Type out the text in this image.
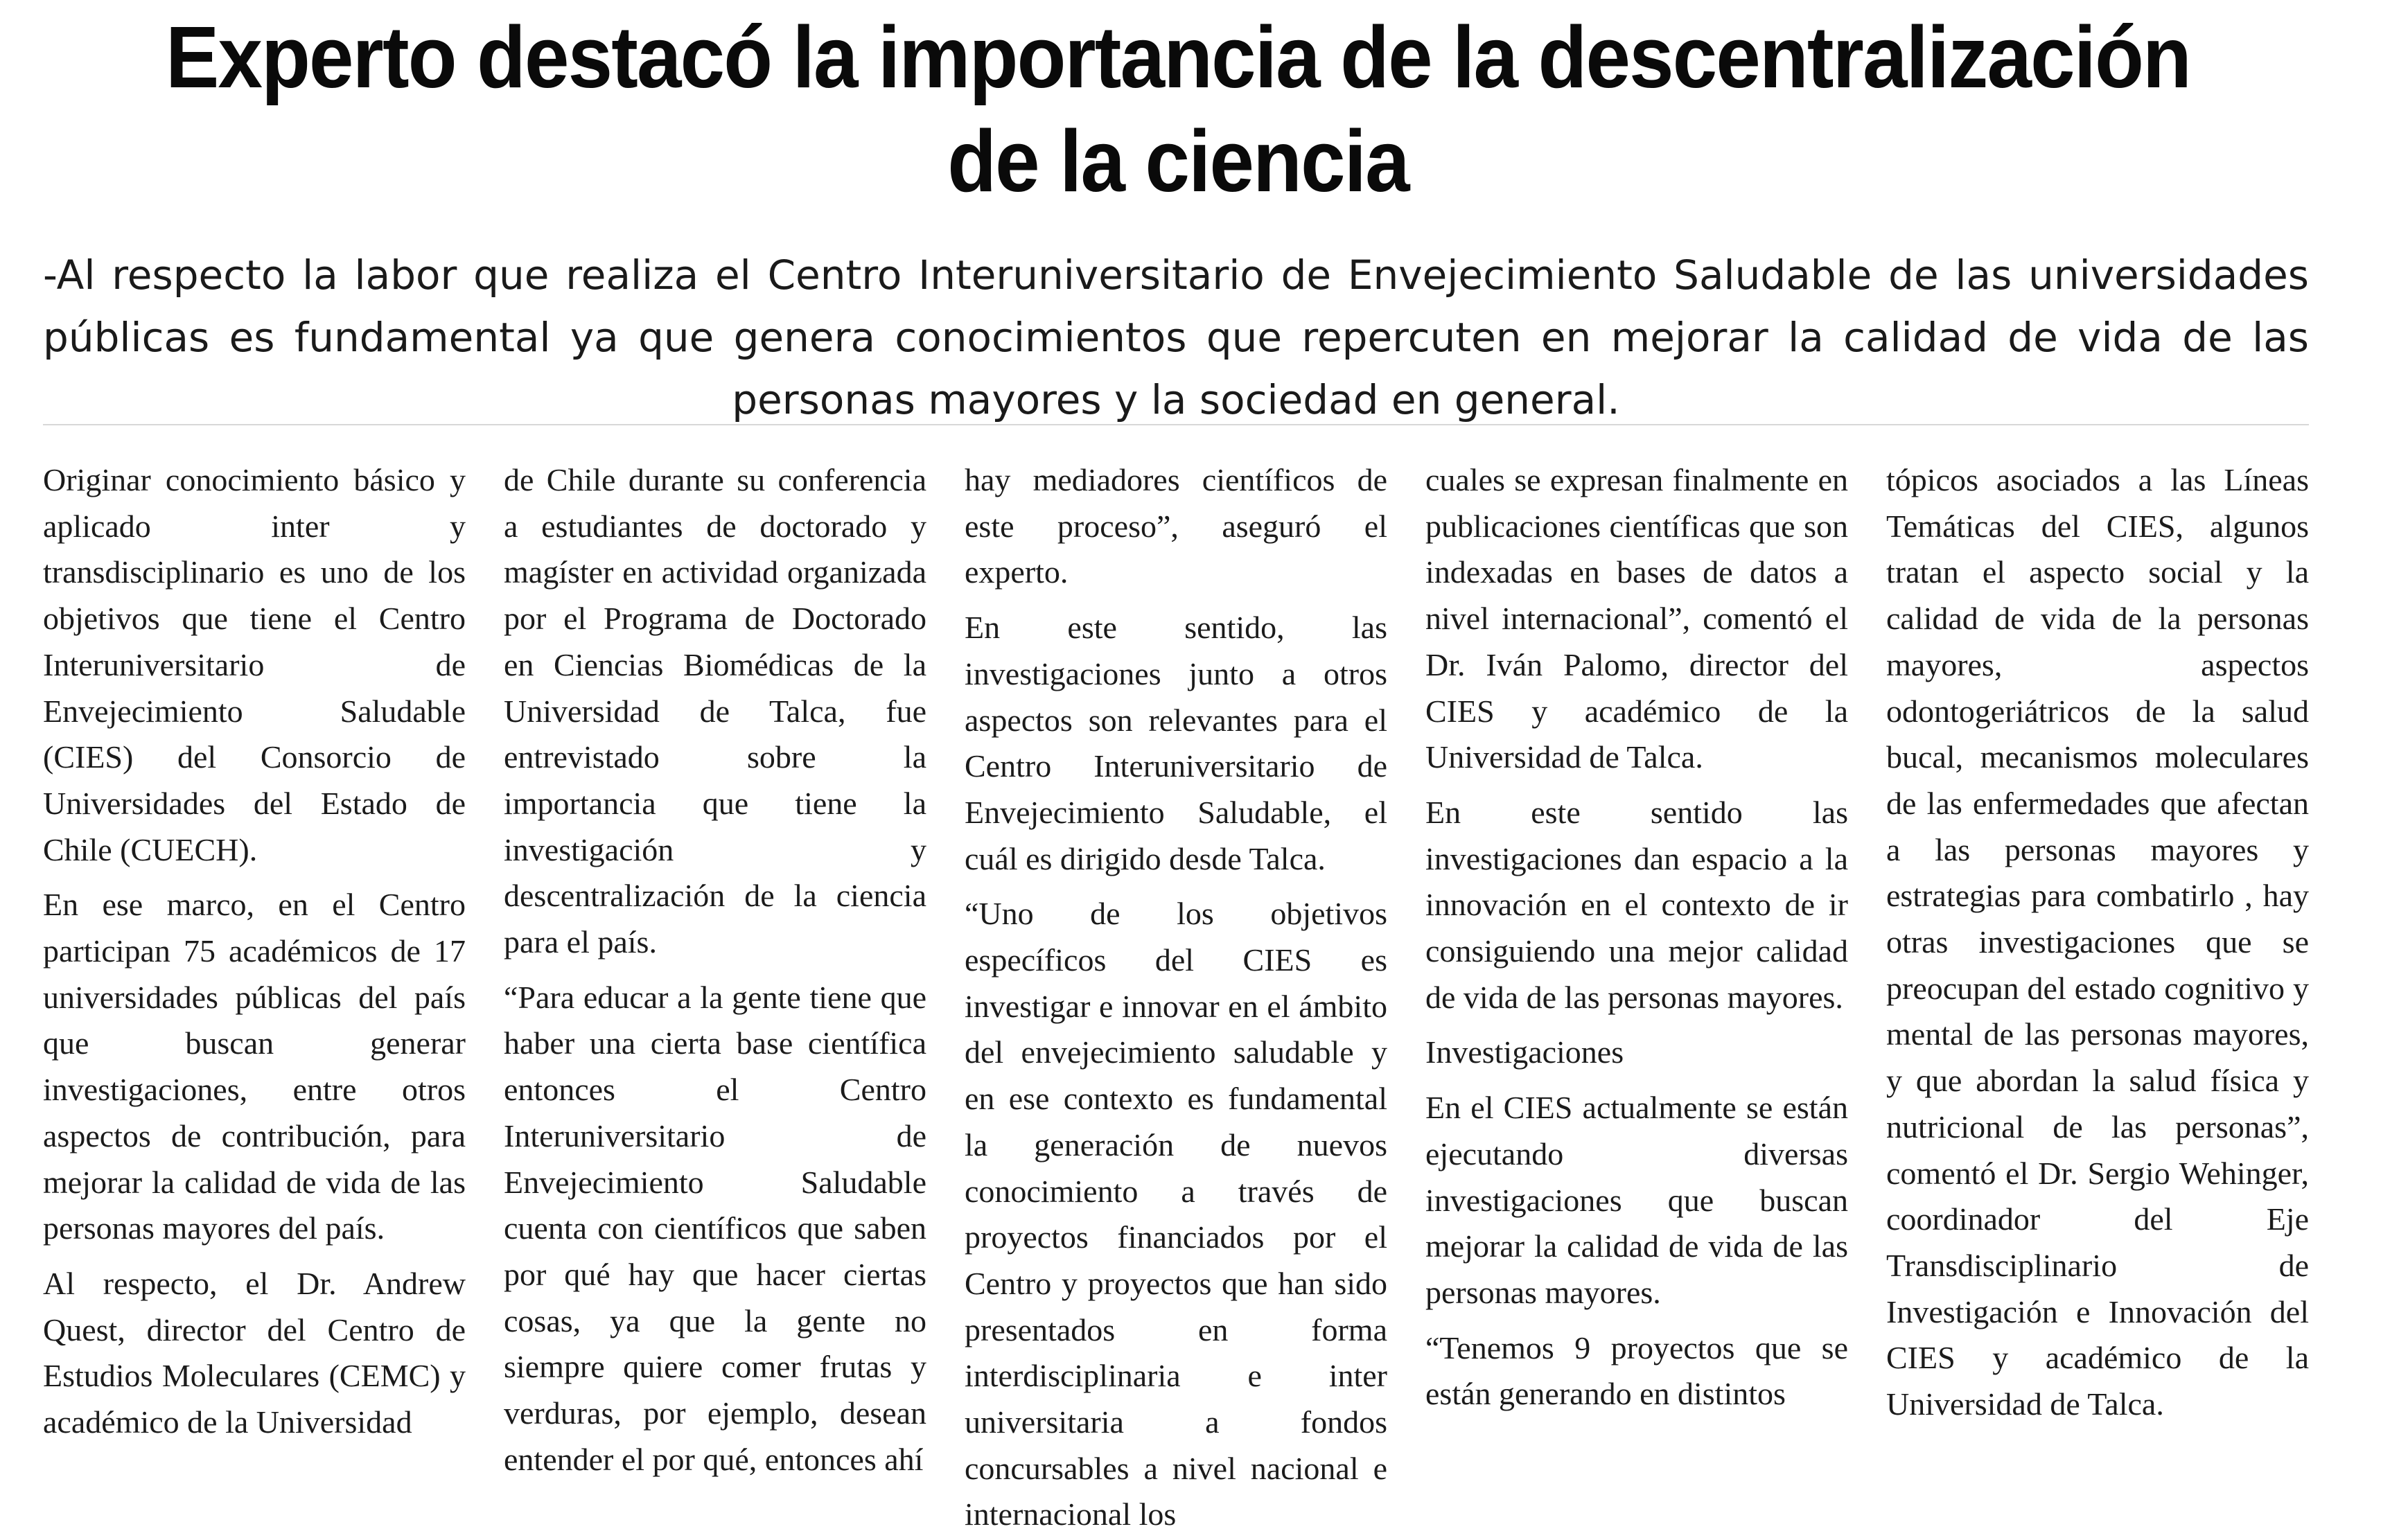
Experto destacó la importancia de la descentralización de la ciencia

-Al respecto la labor que realiza el Centro Interuniversitario de Envejecimiento Saludable de las universidades públicas es fundamental ya que genera conocimientos que repercuten en mejorar la calidad de vida de las personas mayores y la sociedad en general.

Originar conocimiento básico y aplicado inter y transdisciplinario es uno de los objetivos que tiene el Centro Interuniversitario de Envejecimiento Saludable (CIES) del Consorcio de Universidades del Estado de Chile (CUECH).

En ese marco, en el Centro participan 75 académicos de 17 universidades públicas del país que buscan generar investigaciones, entre otros aspectos de contribución, para mejorar la calidad de vida de las personas mayores del país.

Al respecto, el Dr. Andrew Quest, director del Centro de Estudios Moleculares (CEMC) y académico de la Universidad

de Chile durante su conferencia a estudiantes de doctorado y magíster en actividad organizada por el Programa de Doctorado en Ciencias Biomédicas de la Universidad de Talca, fue entrevistado sobre la importancia que tiene la investigación y descentralización de la ciencia para el país.

“Para educar a la gente tiene que haber una cierta base científica entonces el Centro Interuniversitario de Envejecimiento Saludable cuenta con científicos que saben por qué hay que hacer ciertas cosas, ya que la gente no siempre quiere comer frutas y verduras, por ejemplo, desean entender el por qué, entonces ahí

hay mediadores científicos de este proceso”, aseguró el experto.

En este sentido, las investigaciones junto a otros aspectos son relevantes para el Centro Interuniversitario de Envejecimiento Saludable, el cuál es dirigido desde Talca.

“Uno de los objetivos específicos del CIES es investigar e innovar en el ámbito del envejecimiento saludable y en ese contexto es fundamental la generación de nuevos conocimiento a través de proyectos financiados por el Centro y proyectos que han sido presentados en forma interdisciplinaria e inter universitaria a fondos concursables a nivel nacional e internacional los

cuales se expresan finalmente en publicaciones científicas que son indexadas en bases de datos a nivel internacional”, comentó el Dr. Iván Palomo, director del CIES y académico de la Universidad de Talca.

En este sentido las investigaciones dan espacio a la innovación en el contexto de ir consiguiendo una mejor calidad de vida de las personas mayores.

Investigaciones

En el CIES actualmente se están ejecutando diversas investigaciones que buscan mejorar la calidad de vida de las personas mayores.

“Tenemos 9 proyectos que se están generando en distintos

tópicos asociados a las Líneas Temáticas del CIES, algunos tratan el aspecto social y la calidad de vida de la personas mayores, aspectos odontogeriátricos de la salud bucal, mecanismos moleculares de las enfermedades que afectan a las personas mayores y estrategias para combatirlo , hay otras investigaciones que se preocupan del estado cognitivo y mental de las personas mayores, y que abordan la salud física y nutricional de las personas”, comentó el Dr. Sergio Wehinger, coordinador del Eje Transdisciplinario de Investigación e Innovación del CIES y académico de la Universidad de Talca.
